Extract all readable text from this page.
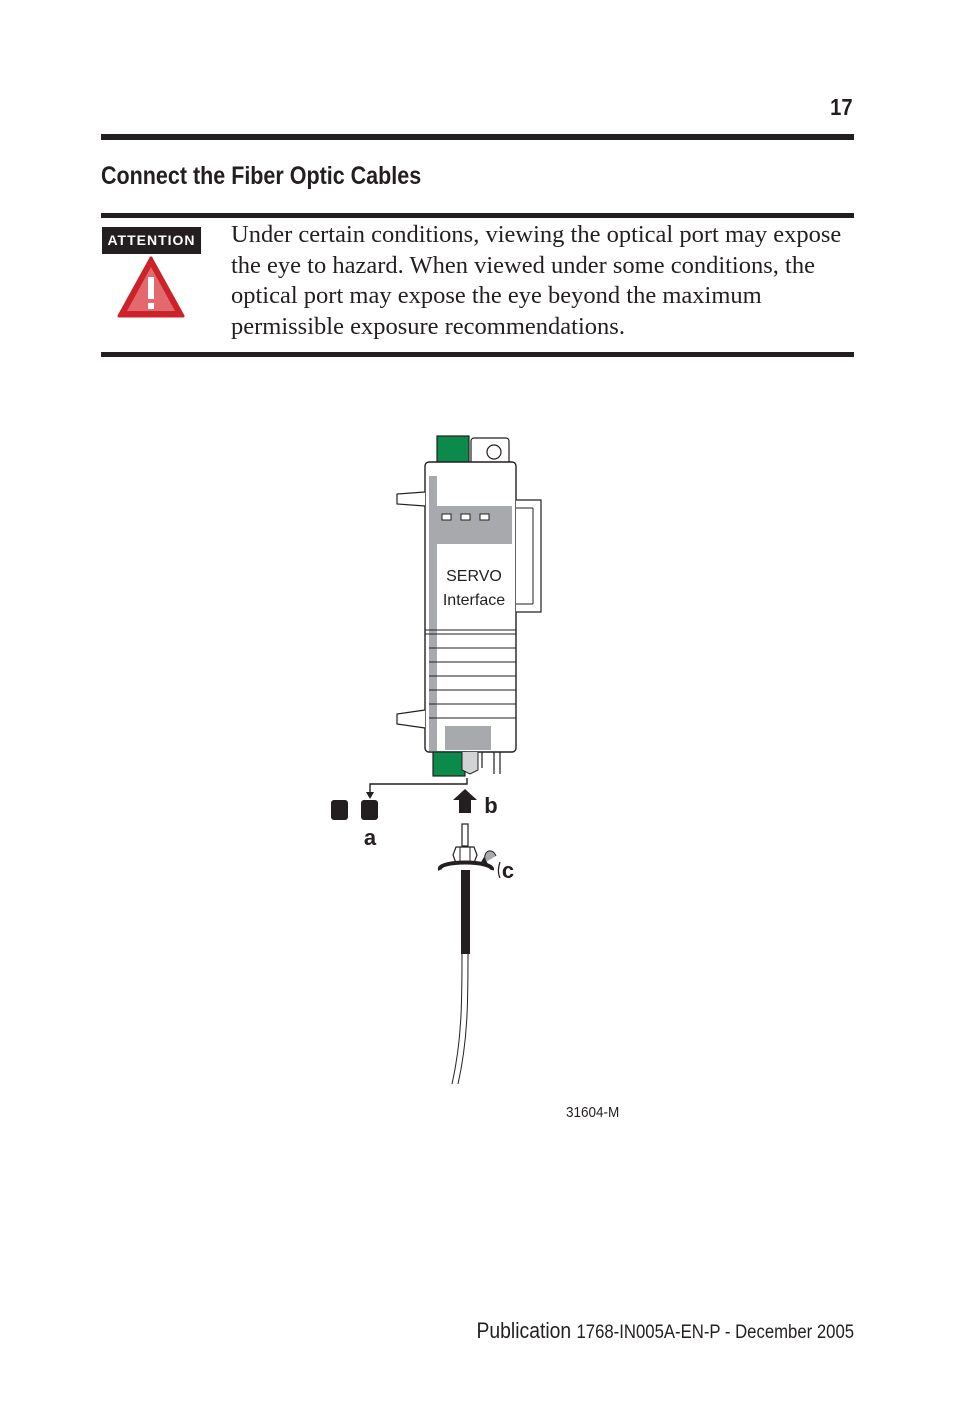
17
Connect the Fiber Optic Cables
ATTENTION Under certain conditions, viewing the optical port may expose the eye to hazard. When viewed under some conditions, the optical port may expose the eye beyond the maximum permissible exposure recommendations.
SERVO
Interface
a
b
c
31604-M
Publication 1768-IN005A-EN-P - December 2005
